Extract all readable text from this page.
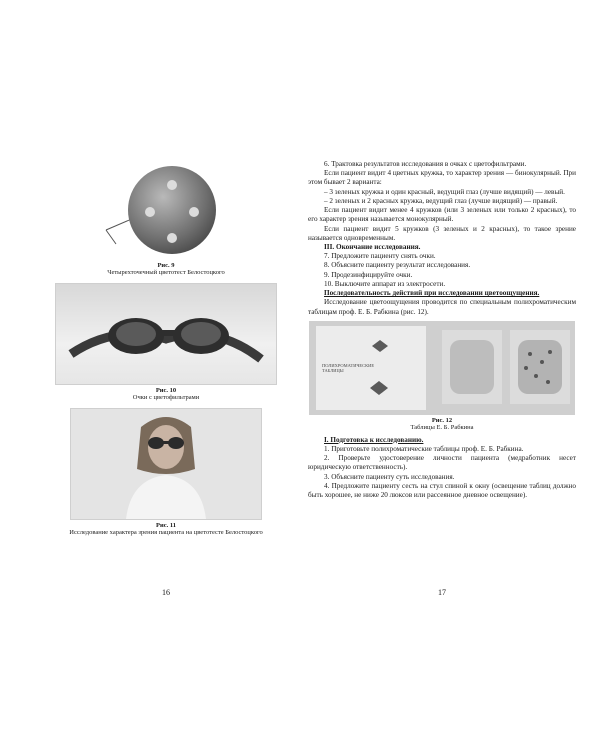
Рис. 9
Четырехточечный цветотест Белостоцкого
Рис. 10
Очки с цветофильтрами
Рис. 11
Исследование характера зрения пациента на цветотесте Белостоцкого
16

6. Трактовка результатов исследования в очках с цветофильтрами.

Если пациент видит 4 цветных кружка, то характер зрения — бинокулярный. При этом бывает 2 варианта:

– 3 зеленых кружка и один красный, ведущий глаз (лучше видящий) — левый.

– 2 зеленых и 2 красных кружка, ведущий глаз (лучше видящий) — правый.

Если пациент видит менее 4 кружков (или 3 зеленых или только 2 красных), то его характер зрения называется монокулярный.

Если пациент видит 5 кружков (3 зеленых и 2 красных), то такое зрение называется одновременным.

III. Окончание исследования.

7. Предложите пациенту снять очки.

8. Объясните пациенту результат исследования.

9. Продезинфицируйте очки.

10. Выключите аппарат из электросети.

Последовательность действий при исследовании цветоощущения.

Исследование цветоощущения проводится по специальным полихроматическим таблицам проф. Е. Б. Рабкина (рис. 12).

ПОЛИХРОМАТИЧЕСКИЕ ТАБЛИЦЫ
Рис. 12
Таблицы Е. Б. Рабкина
I. Подготовка к исследованию.

1. Приготовьте полихроматические таблицы проф. Е. Б. Рабкина.

2. Проверьте удостоверение личности пациента (медработник несет юридическую ответственность).

3. Объясните пациенту суть исследования.

4. Предложите пациенту сесть на стул спиной к окну (освещение таблиц должно быть хорошее, не ниже 20 люксов или рассеянное дневное освещение).

17
